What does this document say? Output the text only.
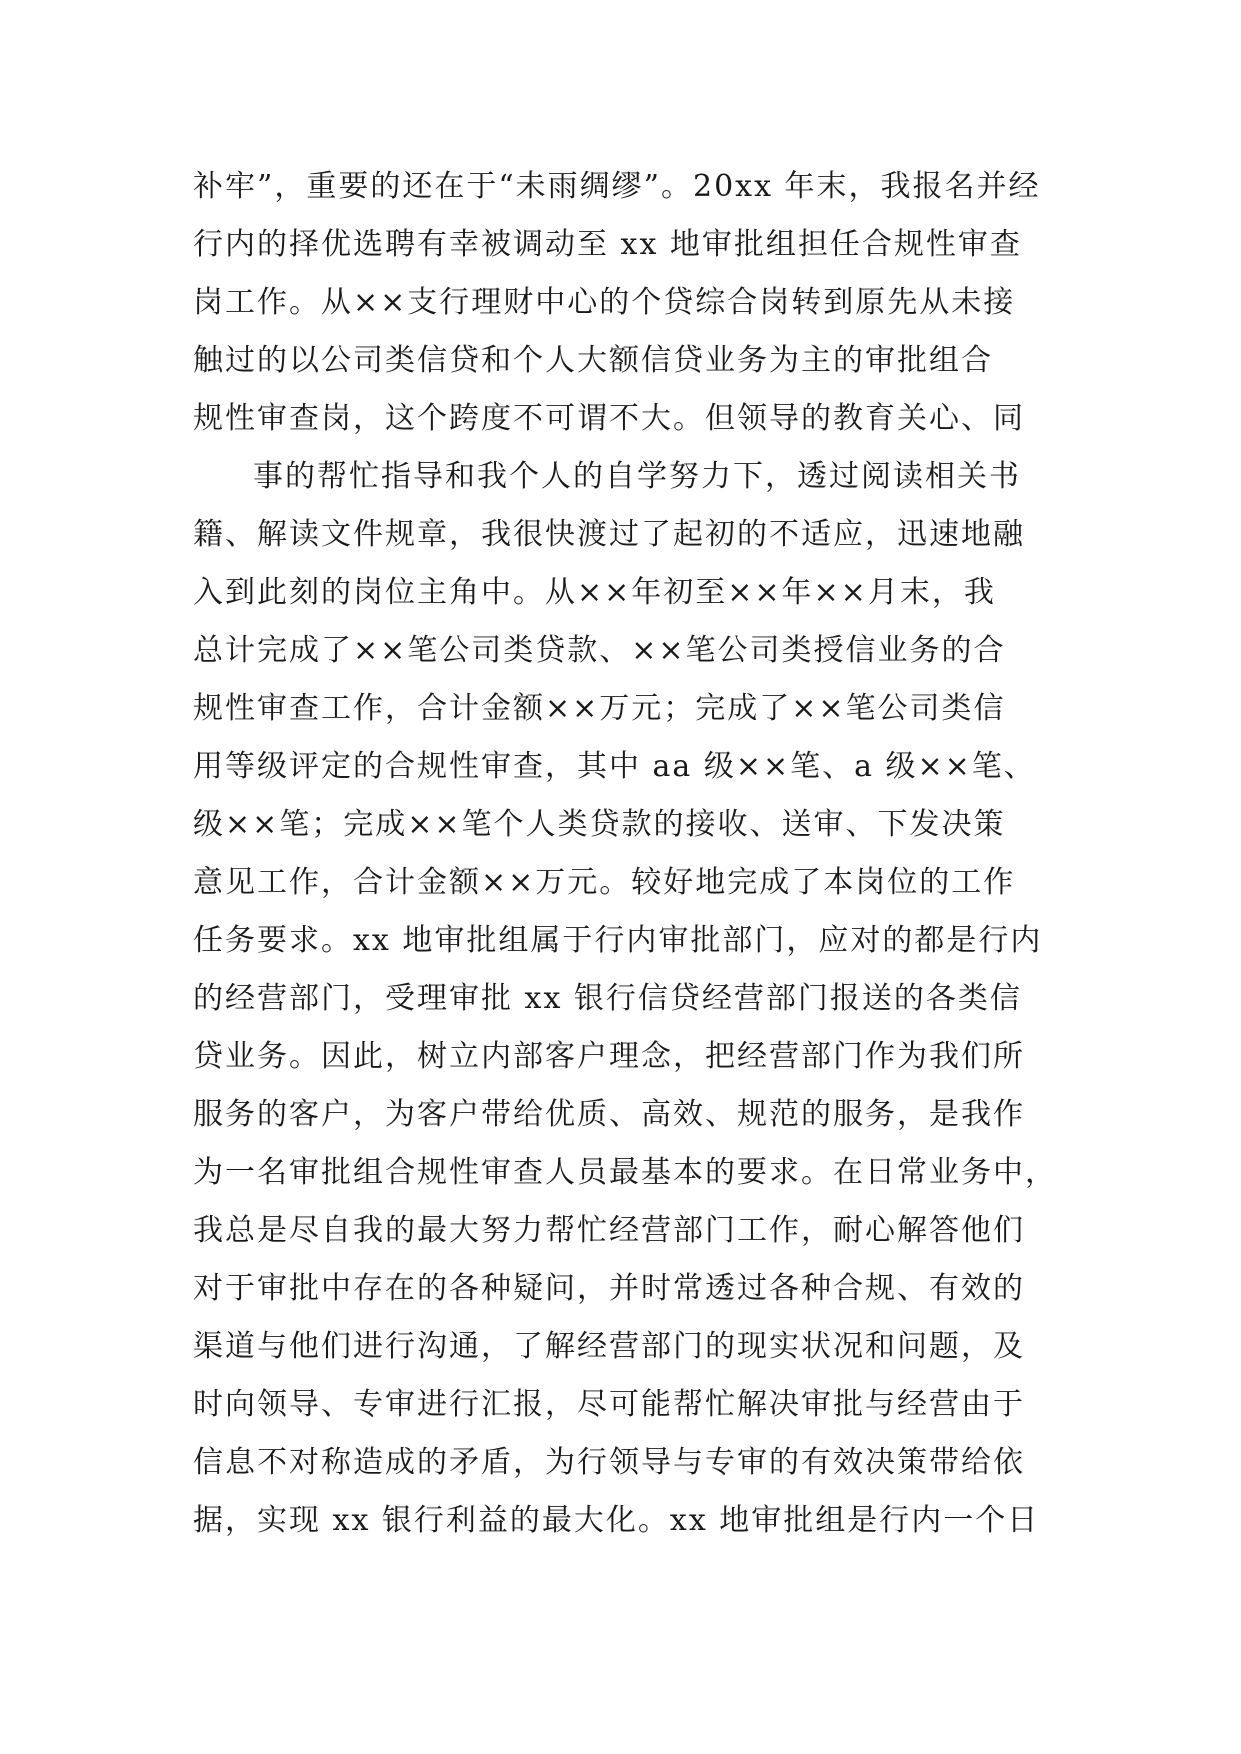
补牢”，重要的还在于“未雨绸缪”。20xx 年末，我报名并经
行内的择优选聘有幸被调动至 xx 地审批组担任合规性审查
岗工作。从××支行理财中心的个贷综合岗转到原先从未接
触过的以公司类信贷和个人大额信贷业务为主的审批组合
规性审查岗，这个跨度不可谓不大。但领导的教育关心、同
事的帮忙指导和我个人的自学努力下，透过阅读相关书
籍、解读文件规章，我很快渡过了起初的不适应，迅速地融
入到此刻的岗位主角中。从××年初至××年××月末，我
总计完成了××笔公司类贷款、××笔公司类授信业务的合
规性审查工作，合计金额××万元；完成了××笔公司类信
用等级评定的合规性审查，其中 aa 级××笔、a 级××笔、
级××笔；完成××笔个人类贷款的接收、送审、下发决策
意见工作，合计金额××万元。较好地完成了本岗位的工作
任务要求。xx 地审批组属于行内审批部门，应对的都是行内
的经营部门，受理审批 xx 银行信贷经营部门报送的各类信
贷业务。因此，树立内部客户理念，把经营部门作为我们所
服务的客户，为客户带给优质、高效、规范的服务，是我作
为一名审批组合规性审查人员最基本的要求。在日常业务中，
我总是尽自我的最大努力帮忙经营部门工作，耐心解答他们
对于审批中存在的各种疑问，并时常透过各种合规、有效的
渠道与他们进行沟通，了解经营部门的现实状况和问题，及
时向领导、专审进行汇报，尽可能帮忙解决审批与经营由于
信息不对称造成的矛盾，为行领导与专审的有效决策带给依
据，实现 xx 银行利益的最大化。xx 地审批组是行内一个日
